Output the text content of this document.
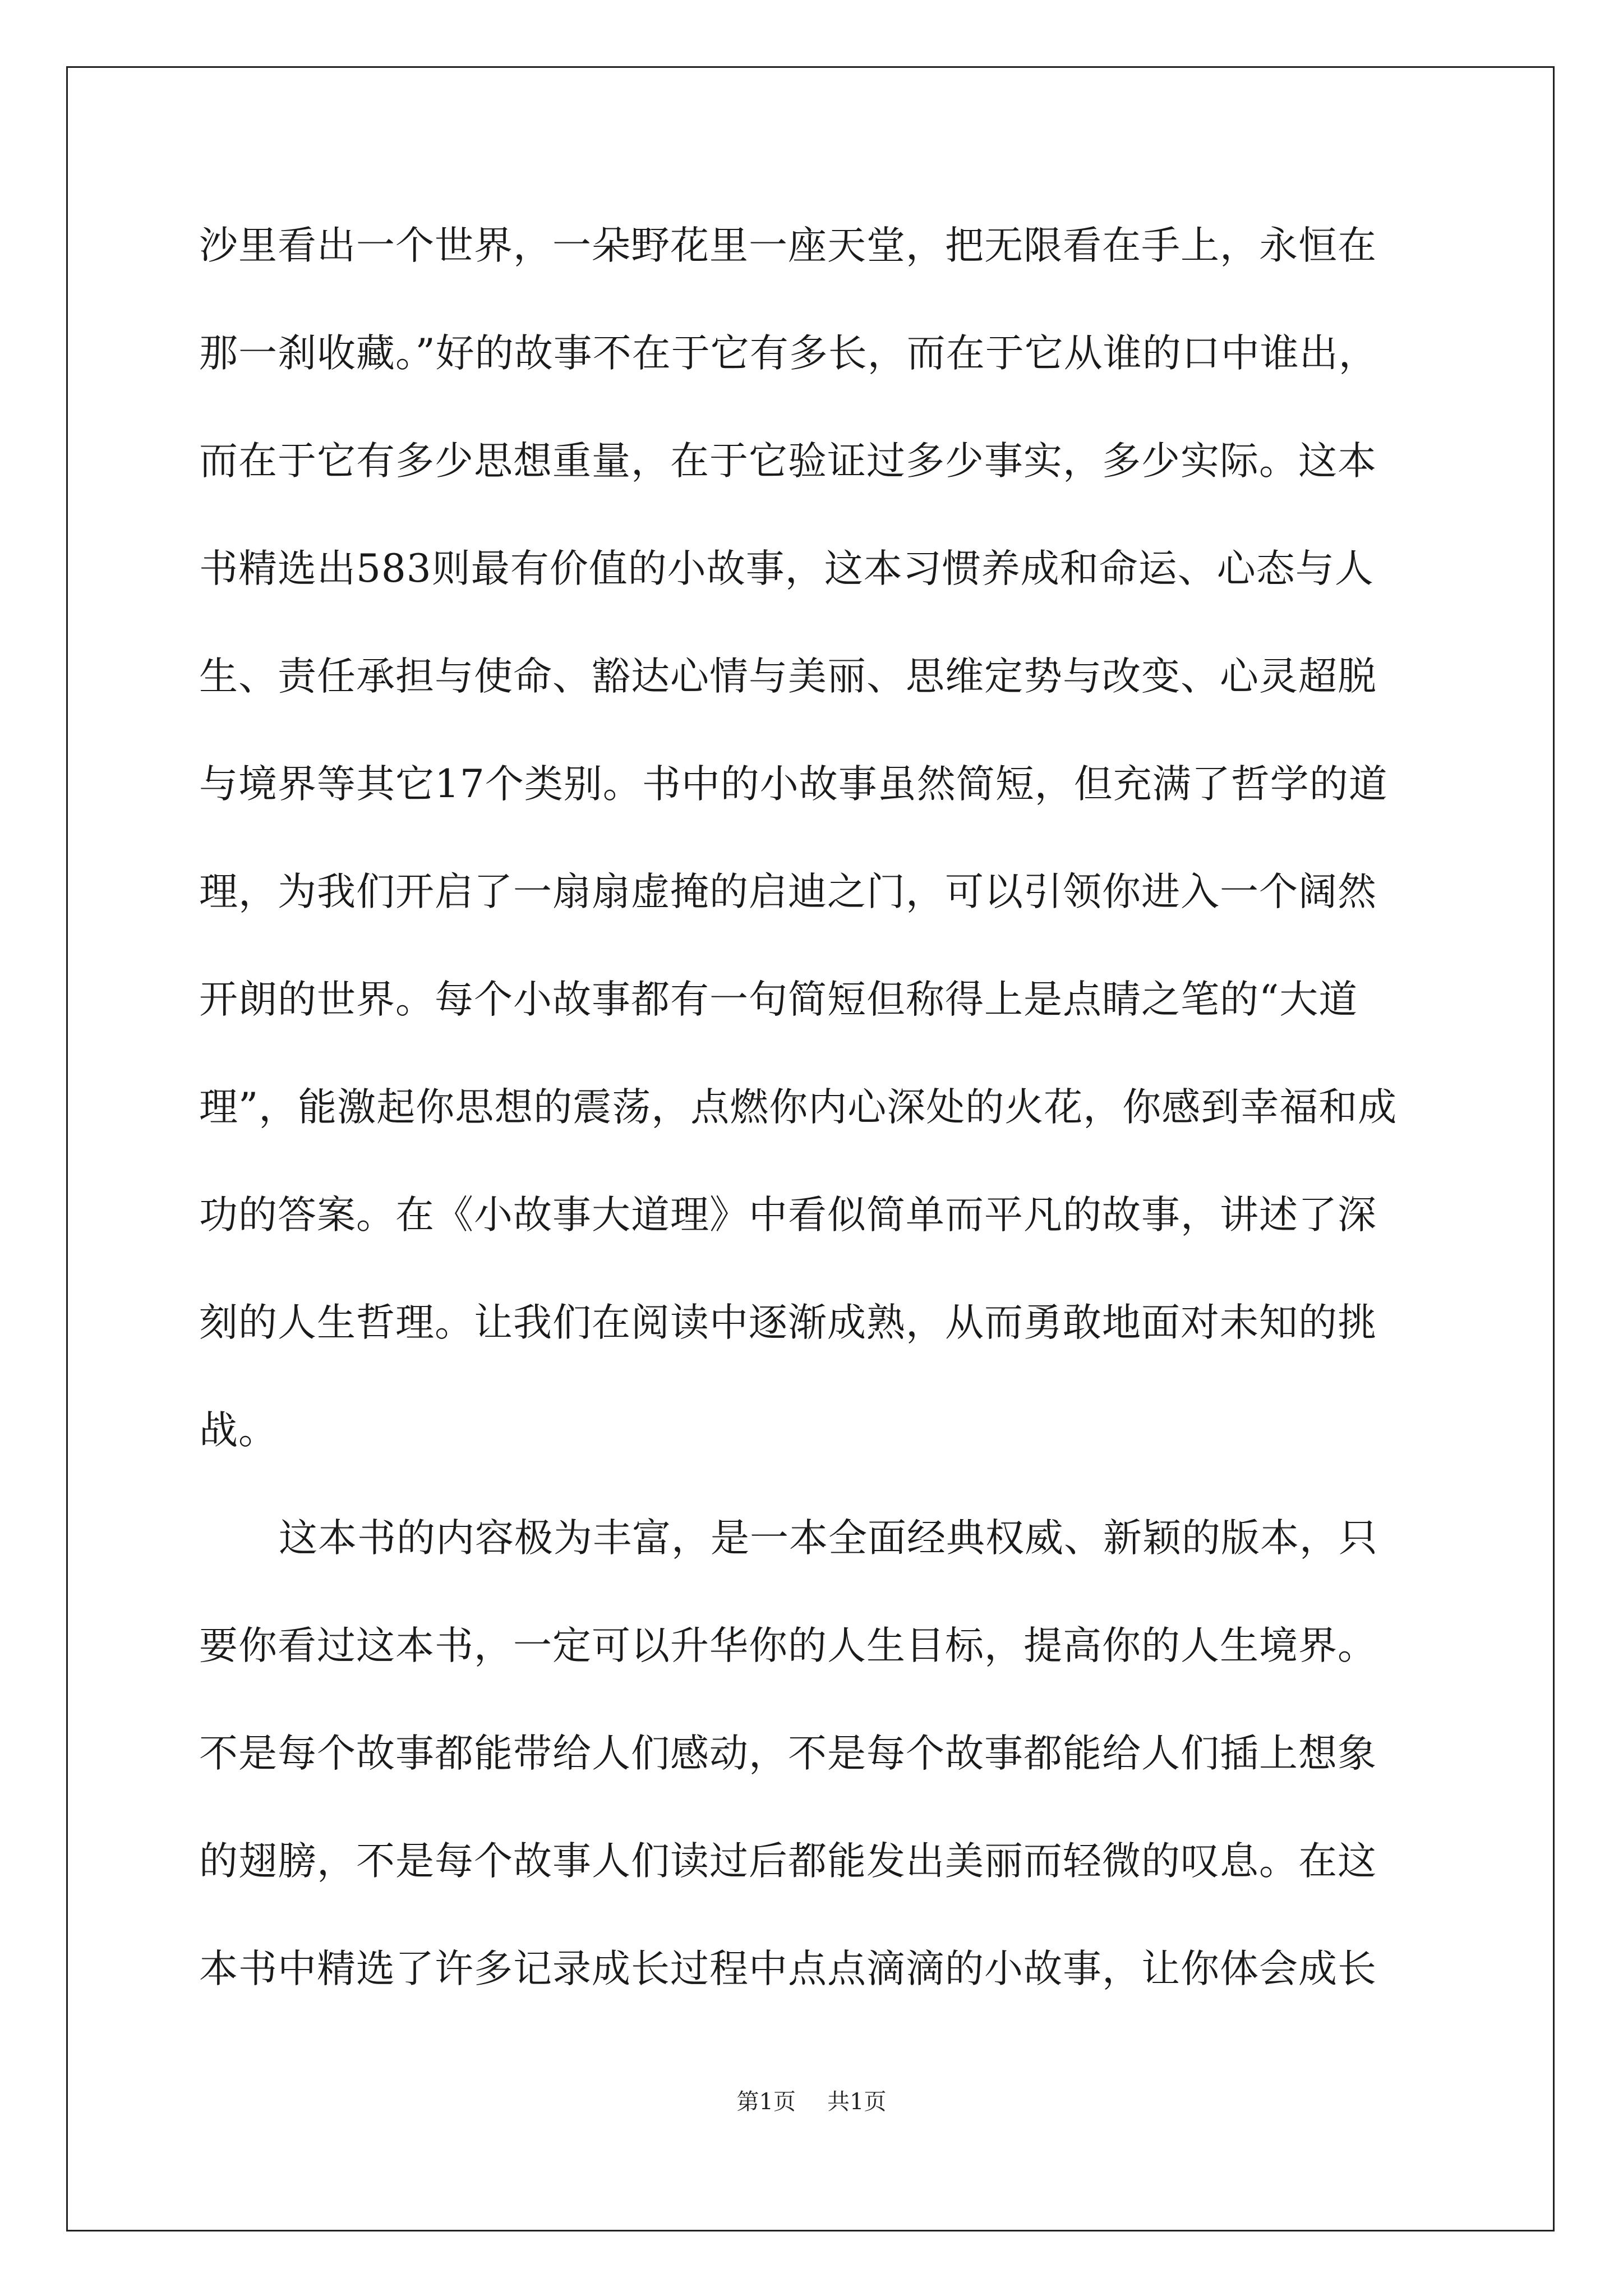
沙里看出一个世界，一朵野花里一座天堂，把无限看在手上，永恒在
那一刹收藏。”好的故事不在于它有多长，而在于它从谁的口中谁出，
而在于它有多少思想重量，在于它验证过多少事实，多少实际。这本
书精选出583则最有价值的小故事，这本习惯养成和命运、心态与人
生、责任承担与使命、豁达心情与美丽、思维定势与改变、心灵超脱
与境界等其它17个类别。书中的小故事虽然简短，但充满了哲学的道
理，为我们开启了一扇扇虚掩的启迪之门，可以引领你进入一个阔然
开朗的世界。每个小故事都有一句简短但称得上是点睛之笔的“大道
理”，能激起你思想的震荡，点燃你内心深处的火花，你感到幸福和成
功的答案。在《小故事大道理》中看似简单而平凡的故事，讲述了深
刻的人生哲理。让我们在阅读中逐渐成熟，从而勇敢地面对未知的挑
战。
这本书的内容极为丰富，是一本全面经典权威、新颖的版本，只
要你看过这本书，一定可以升华你的人生目标，提高你的人生境界。
不是每个故事都能带给人们感动，不是每个故事都能给人们插上想象
的翅膀，不是每个故事人们读过后都能发出美丽而轻微的叹息。在这
本书中精选了许多记录成长过程中点点滴滴的小故事，让你体会成长
第1页 共1页
